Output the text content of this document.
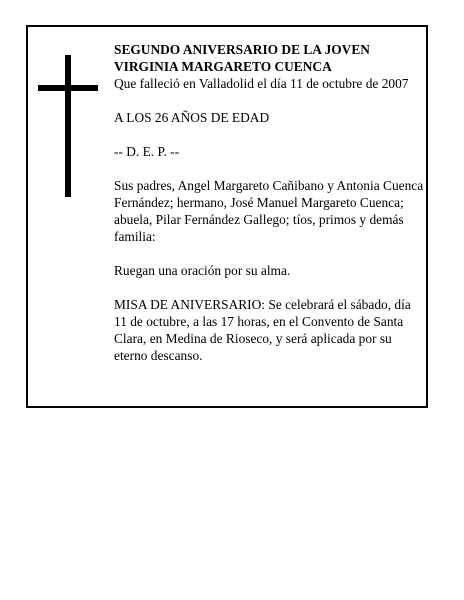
SEGUNDO ANIVERSARIO DE LA JOVEN

VIRGINIA MARGARETO CUENCA

Que falleció en Valladolid el día 11 de octubre de 2007

A LOS 26 AÑOS DE EDAD

-- D. E. P. --

Sus padres, Angel Margareto Cañibano y Antonia Cuenca Fernández; hermano, José Manuel Margareto Cuenca; abuela, Pilar Fernández Gallego; tíos, primos y demás familia:

Ruegan una oración por su alma.

MISA DE ANIVERSARIO: Se celebrará el sábado, día 11 de octubre, a las 17 horas, en el Convento de Santa Clara, en Medina de Rioseco, y será aplicada por su eterno descanso.
